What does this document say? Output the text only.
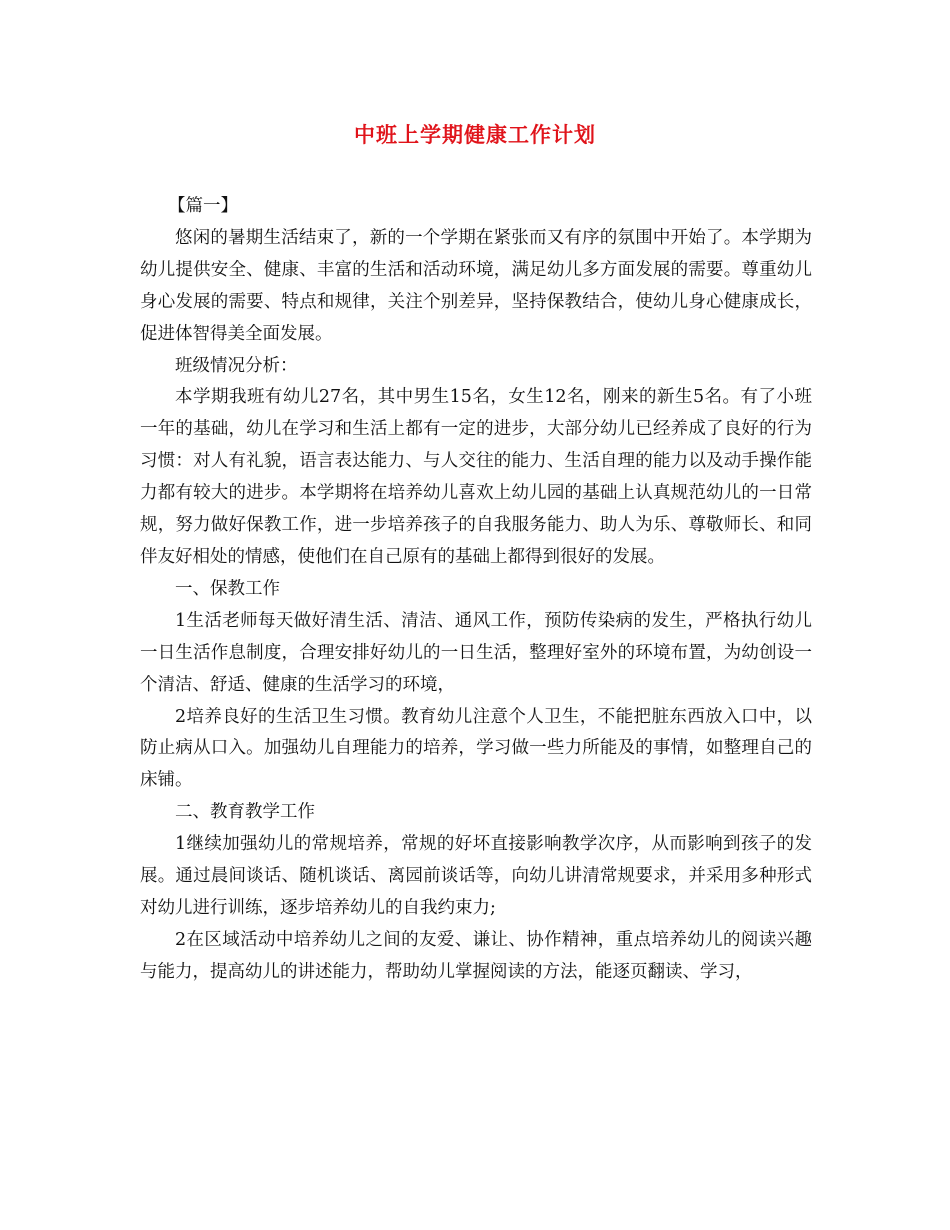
中班上学期健康工作计划

【篇一】

悠闲的暑期生活结束了，新的一个学期在紧张而又有序的氛围中开始了。本学期为幼儿提供安全、健康、丰富的生活和活动环境，满足幼儿多方面发展的需要。尊重幼儿身心发展的需要、特点和规律，关注个别差异，坚持保教结合，使幼儿身心健康成长，促进体智得美全面发展。

班级情况分析：

本学期我班有幼儿27名，其中男生15名，女生12名，刚来的新生5名。有了小班一年的基础，幼儿在学习和生活上都有一定的进步，大部分幼儿已经养成了良好的行为习惯：对人有礼貌，语言表达能力、与人交往的能力、生活自理的能力以及动手操作能力都有较大的进步。本学期将在培养幼儿喜欢上幼儿园的基础上认真规范幼儿的一日常规，努力做好保教工作，进一步培养孩子的自我服务能力、助人为乐、尊敬师长、和同伴友好相处的情感，使他们在自己原有的基础上都得到很好的发展。

一、保教工作

1生活老师每天做好清生活、清洁、通风工作，预防传染病的发生，严格执行幼儿一日生活作息制度，合理安排好幼儿的一日生活，整理好室外的环境布置，为幼创设一个清洁、舒适、健康的生活学习的环境，

2培养良好的生活卫生习惯。教育幼儿注意个人卫生，不能把脏东西放入口中，以防止病从口入。加强幼儿自理能力的培养，学习做一些力所能及的事情，如整理自己的床铺。

二、教育教学工作

1继续加强幼儿的常规培养，常规的好坏直接影响教学次序，从而影响到孩子的发展。通过晨间谈话、随机谈话、离园前谈话等，向幼儿讲清常规要求，并采用多种形式对幼儿进行训练，逐步培养幼儿的自我约束力;

2在区域活动中培养幼儿之间的友爱、谦让、协作精神，重点培养幼儿的阅读兴趣与能力，提高幼儿的讲述能力，帮助幼儿掌握阅读的方法，能逐页翻读、学习，
